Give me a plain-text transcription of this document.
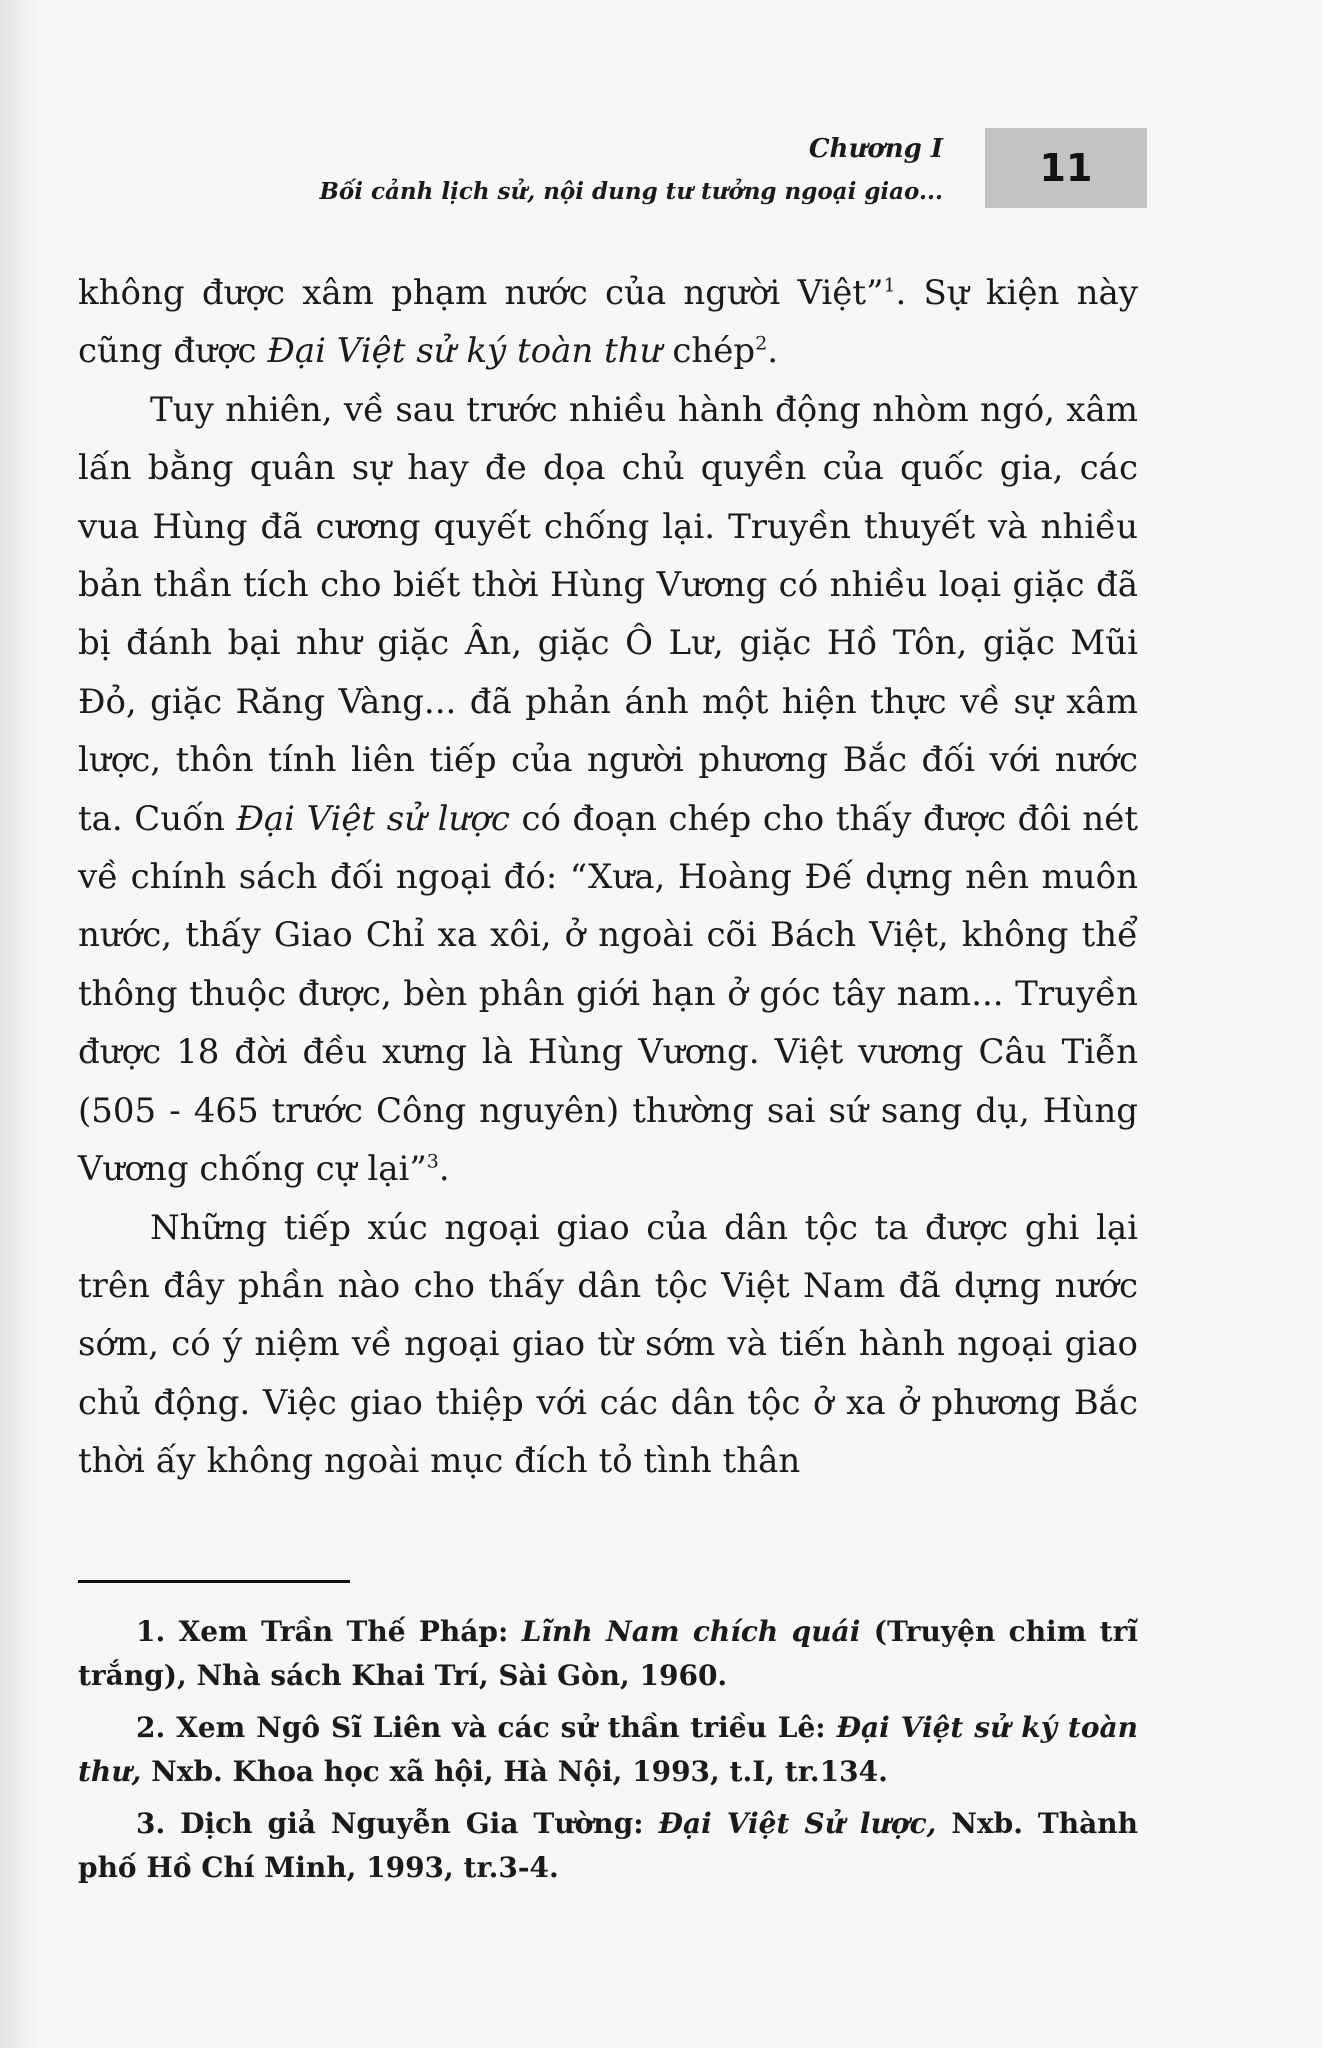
Chương I
Bối cảnh lịch sử, nội dung tư tưởng ngoại giao...
11

không được xâm phạm nước của người Việt”$^1$. Sự kiện này cũng được Đại Việt sử ký toàn thư chép$^2$.

Tuy nhiên, về sau trước nhiều hành động nhòm ngó, xâm lấn bằng quân sự hay đe dọa chủ quyền của quốc gia, các vua Hùng đã cương quyết chống lại. Truyền thuyết và nhiều bản thần tích cho biết thời Hùng Vương có nhiều loại giặc đã bị đánh bại như giặc Ân, giặc Ô Lư, giặc Hồ Tôn, giặc Mũi Đỏ, giặc Răng Vàng... đã phản ánh một hiện thực về sự xâm lược, thôn tính liên tiếp của người phương Bắc đối với nước ta. Cuốn Đại Việt sử lược có đoạn chép cho thấy được đôi nét về chính sách đối ngoại đó: “Xưa, Hoàng Đế dựng nên muôn nước, thấy Giao Chỉ xa xôi, ở ngoài cõi Bách Việt, không thể thông thuộc được, bèn phân giới hạn ở góc tây nam... Truyền được 18 đời đều xưng là Hùng Vương. Việt vương Câu Tiễn (505 - 465 trước Công nguyên) thường sai sứ sang dụ, Hùng Vương chống cự lại”$^3$.

Những tiếp xúc ngoại giao của dân tộc ta được ghi lại trên đây phần nào cho thấy dân tộc Việt Nam đã dựng nước sớm, có ý niệm về ngoại giao từ sớm và tiến hành ngoại giao chủ động. Việc giao thiệp với các dân tộc ở xa ở phương Bắc thời ấy không ngoài mục đích tỏ tình thân

1. Xem Trần Thế Pháp: Lĩnh Nam chích quái (Truyện chim trĩ trắng), Nhà sách Khai Trí, Sài Gòn, 1960.

2. Xem Ngô Sĩ Liên và các sử thần triều Lê: Đại Việt sử ký toàn thư, Nxb. Khoa học xã hội, Hà Nội, 1993, t.I, tr.134.

3. Dịch giả Nguyễn Gia Tường: Đại Việt Sử lược, Nxb. Thành phố Hồ Chí Minh, 1993, tr.3-4.
